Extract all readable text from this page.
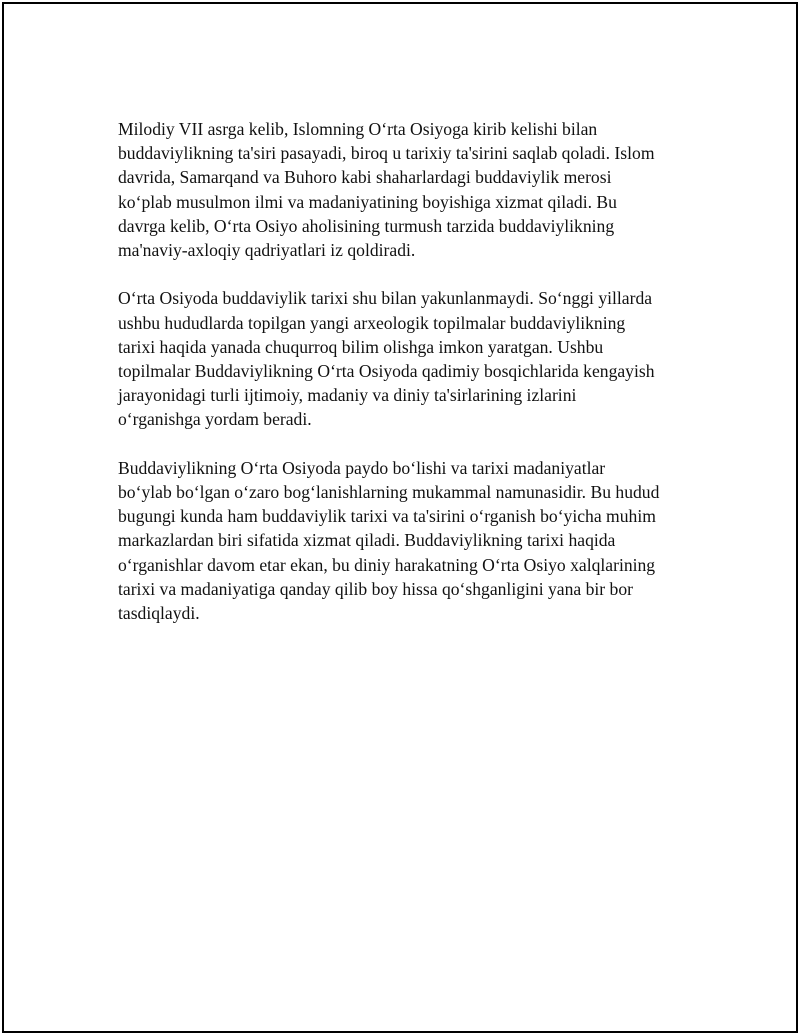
Milodiy VII asrga kelib, Islomning O‘rta Osiyoga kirib kelishi bilan
buddaviylikning ta'siri pasayadi, biroq u tarixiy ta'sirini saqlab qoladi. Islom
davrida, Samarqand va Buhoro kabi shaharlardagi buddaviylik merosi
ko‘plab musulmon ilmi va madaniyatining boyishiga xizmat qiladi. Bu
davrga kelib, O‘rta Osiyo aholisining turmush tarzida buddaviylikning
ma'naviy-axloqiy qadriyatlari iz qoldiradi.

O‘rta Osiyoda buddaviylik tarixi shu bilan yakunlanmaydi. So‘nggi yillarda
ushbu hududlarda topilgan yangi arxeologik topilmalar buddaviylikning
tarixi haqida yanada chuqurroq bilim olishga imkon yaratgan. Ushbu
topilmalar Buddaviylikning O‘rta Osiyoda qadimiy bosqichlarida kengayish
jarayonidagi turli ijtimoiy, madaniy va diniy ta'sirlarining izlarini
o‘rganishga yordam beradi.

Buddaviylikning O‘rta Osiyoda paydo bo‘lishi va tarixi madaniyatlar
bo‘ylab bo‘lgan o‘zaro bog‘lanishlarning mukammal namunasidir. Bu hudud
bugungi kunda ham buddaviylik tarixi va ta'sirini o‘rganish bo‘yicha muhim
markazlardan biri sifatida xizmat qiladi. Buddaviylikning tarixi haqida
o‘rganishlar davom etar ekan, bu diniy harakatning O‘rta Osiyo xalqlarining
tarixi va madaniyatiga qanday qilib boy hissa qo‘shganligini yana bir bor
tasdiqlaydi.
